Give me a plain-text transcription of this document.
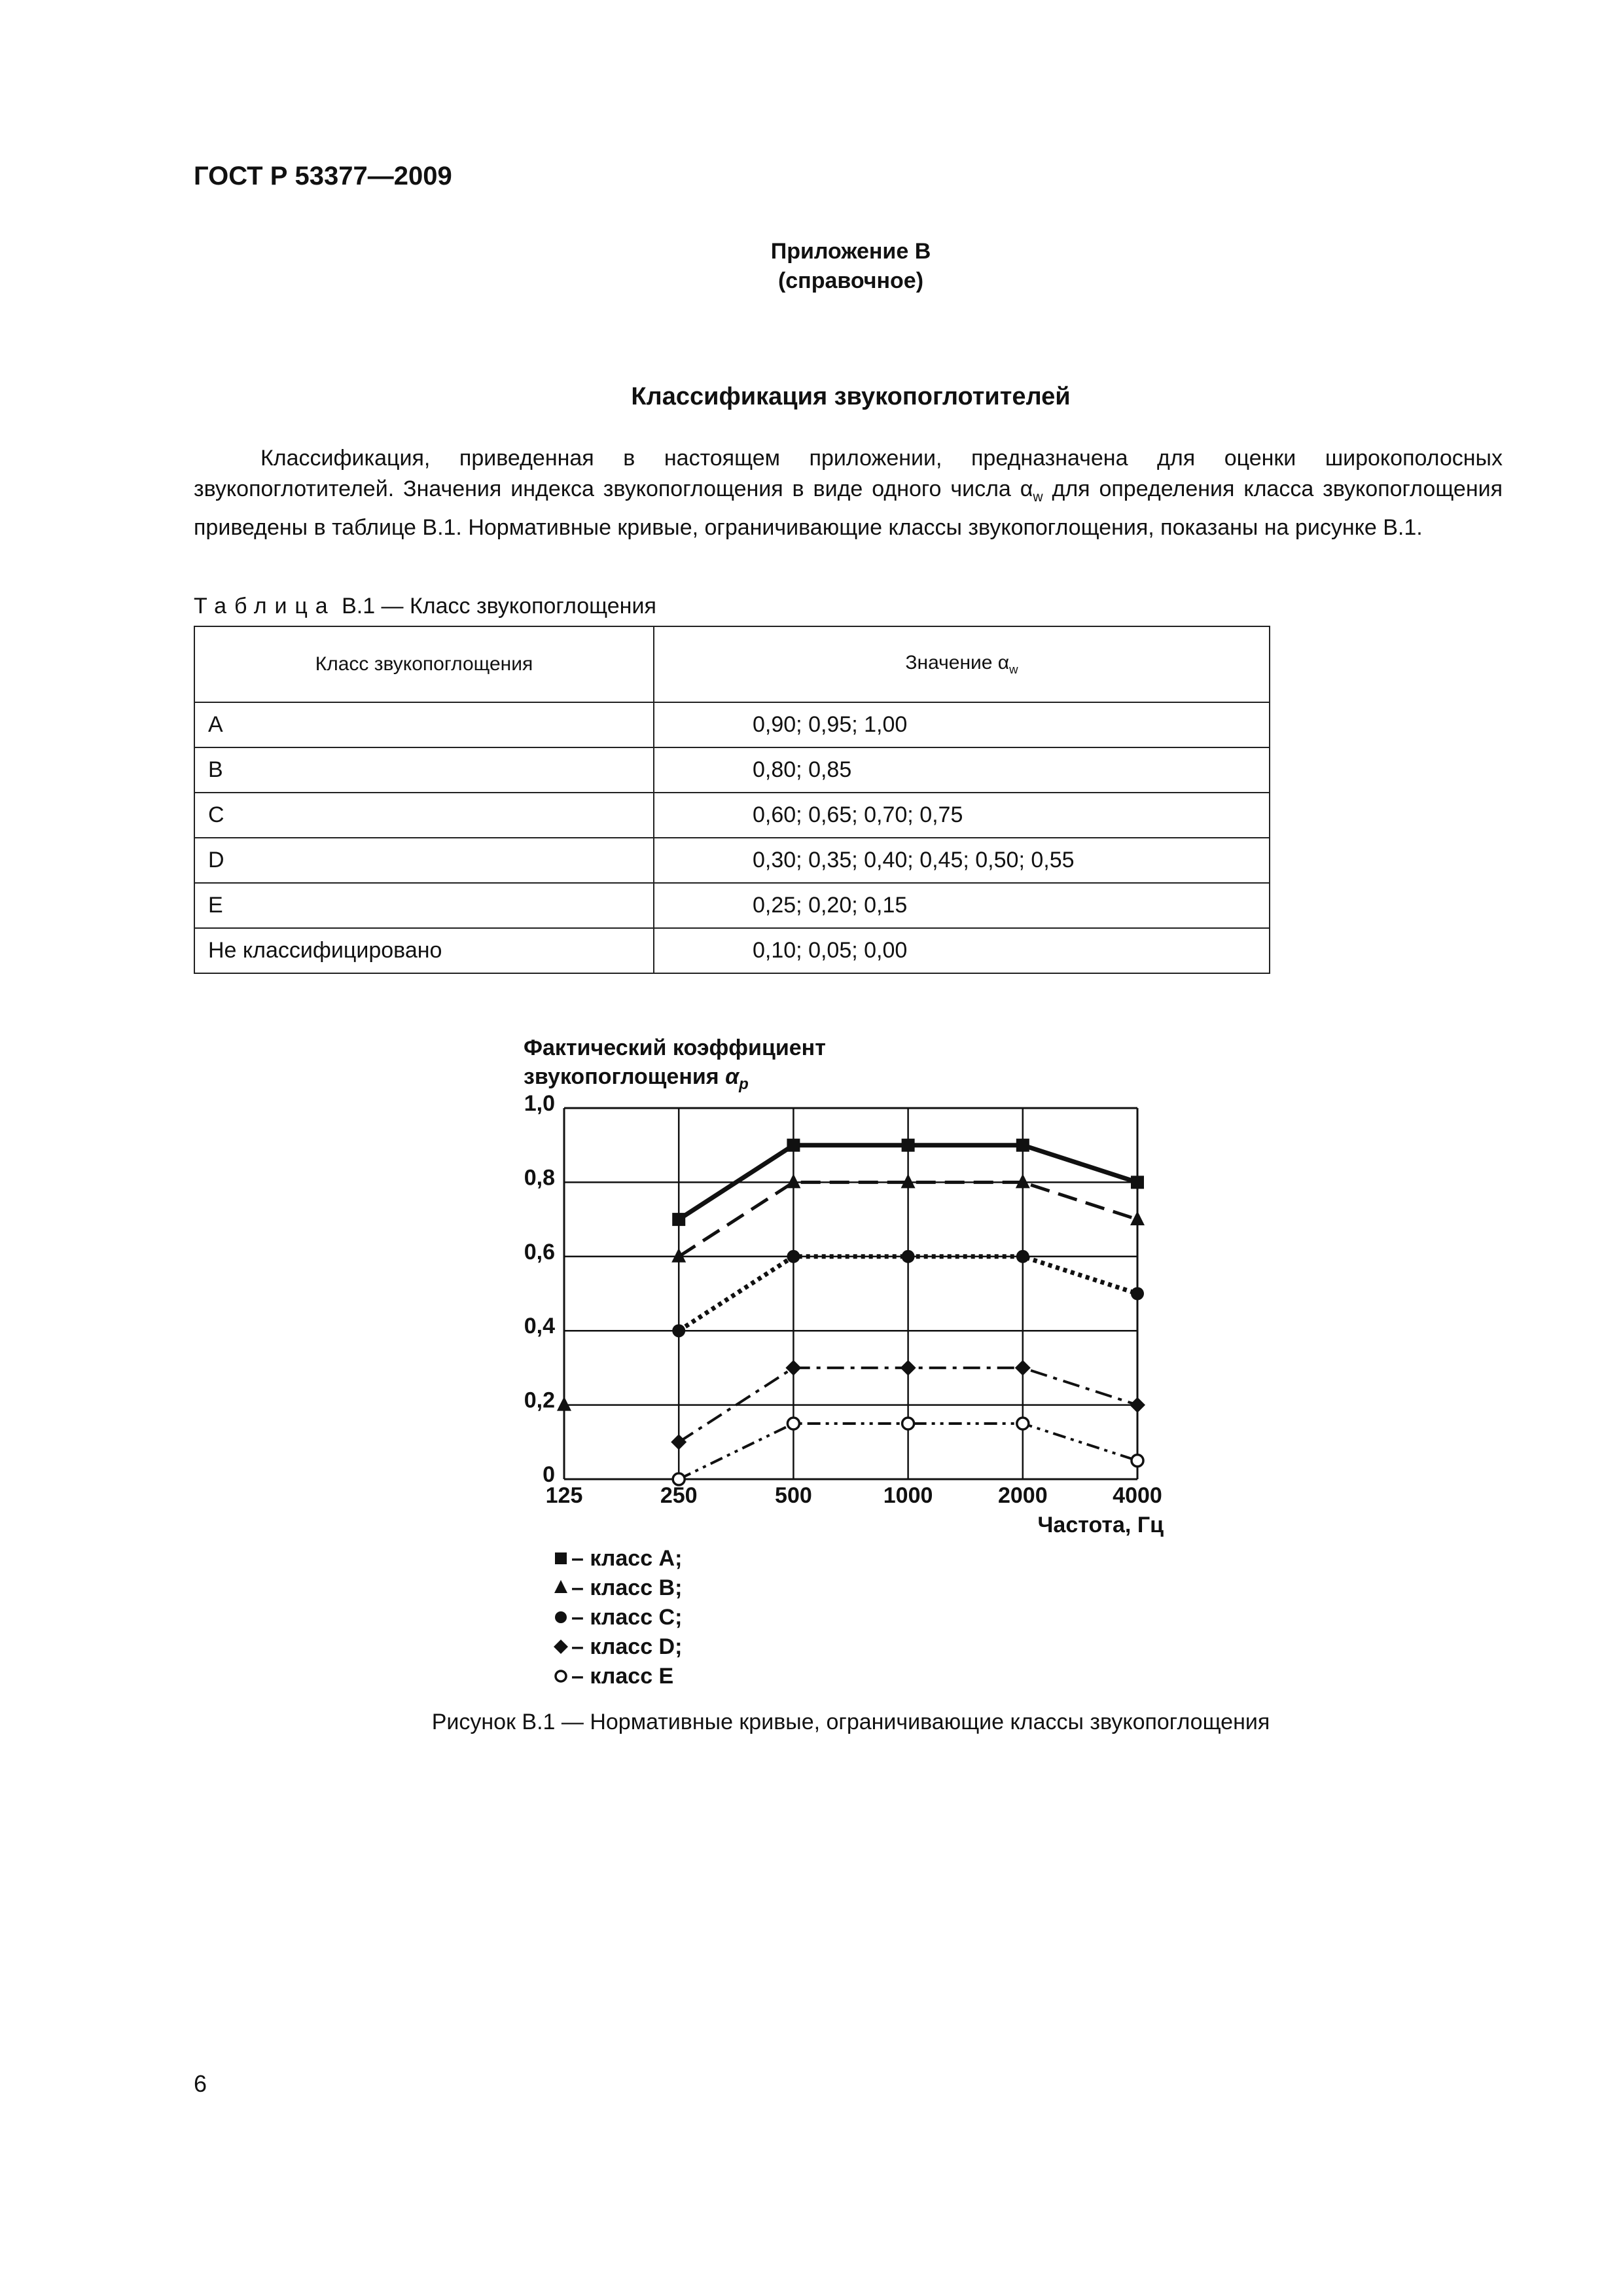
ГОСТ Р 53377—2009
Приложение В
(справочное)
Классификация звукопоглотителей
Классификация, приведенная в настоящем приложении, предназначена для оценки широкополосных звукопоглотителей. Значения индекса звукопоглощения в виде одного числа $\alpha_w$ для определения класса звукопоглощения приведены в таблице В.1. Нормативные кривые, ограничивающие классы звукопоглощения, показаны на рисунке В.1.
Таблица В.1 — Класс звукопоглощения
Класс звукопоглощения	Значение $\alpha_w$
A	0,90; 0,95; 1,00
B	0,80; 0,85
C	0,60; 0,65; 0,70; 0,75
D	0,30; 0,35; 0,40; 0,45; 0,50; 0,55
E	0,25; 0,20; 0,15
Не классифицировано	0,10; 0,05; 0,00
Фактический коэффициент
звукопоглощения $\alpha_p$
0
0,2
0,4
0,6
0,8
1,0
125	250	500	1000	2000	4000
Частота, Гц
– класс A;
– класс B;
– класс C;
– класс D;
– класс E
Рисунок В.1 — Нормативные кривые, ограничивающие классы звукопоглощения
6
